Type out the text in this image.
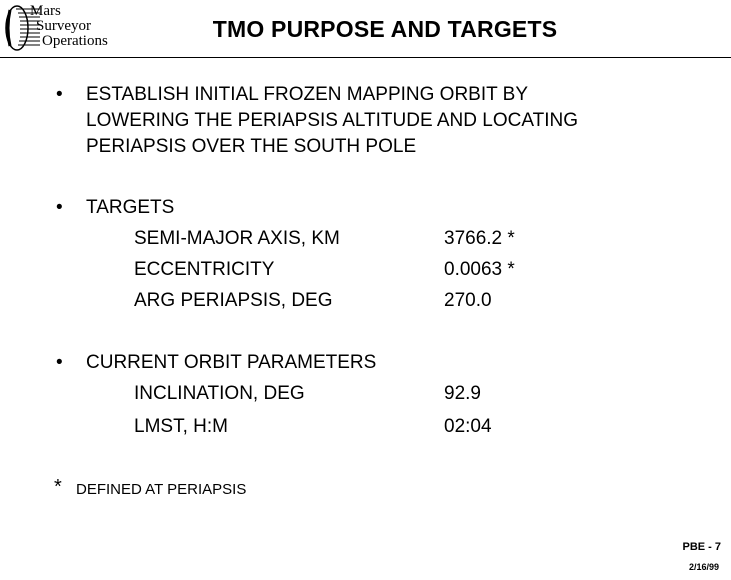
Mars
Surveyor
Operations	TMO PURPOSE AND TARGETS
• ESTABLISH INITIAL FROZEN MAPPING ORBIT BY
LOWERING THE PERIAPSIS ALTITUDE AND LOCATING
PERIAPSIS OVER THE SOUTH POLE
• TARGETS
SEMI-MAJOR AXIS, KM	3766.2 *
ECCENTRICITY	0.0063 *
ARG PERIAPSIS, DEG	270.0
• CURRENT ORBIT PARAMETERS
INCLINATION, DEG	92.9
LMST, H:M	02:04
* DEFINED AT PERIAPSIS
PBE - 7
2/16/99
